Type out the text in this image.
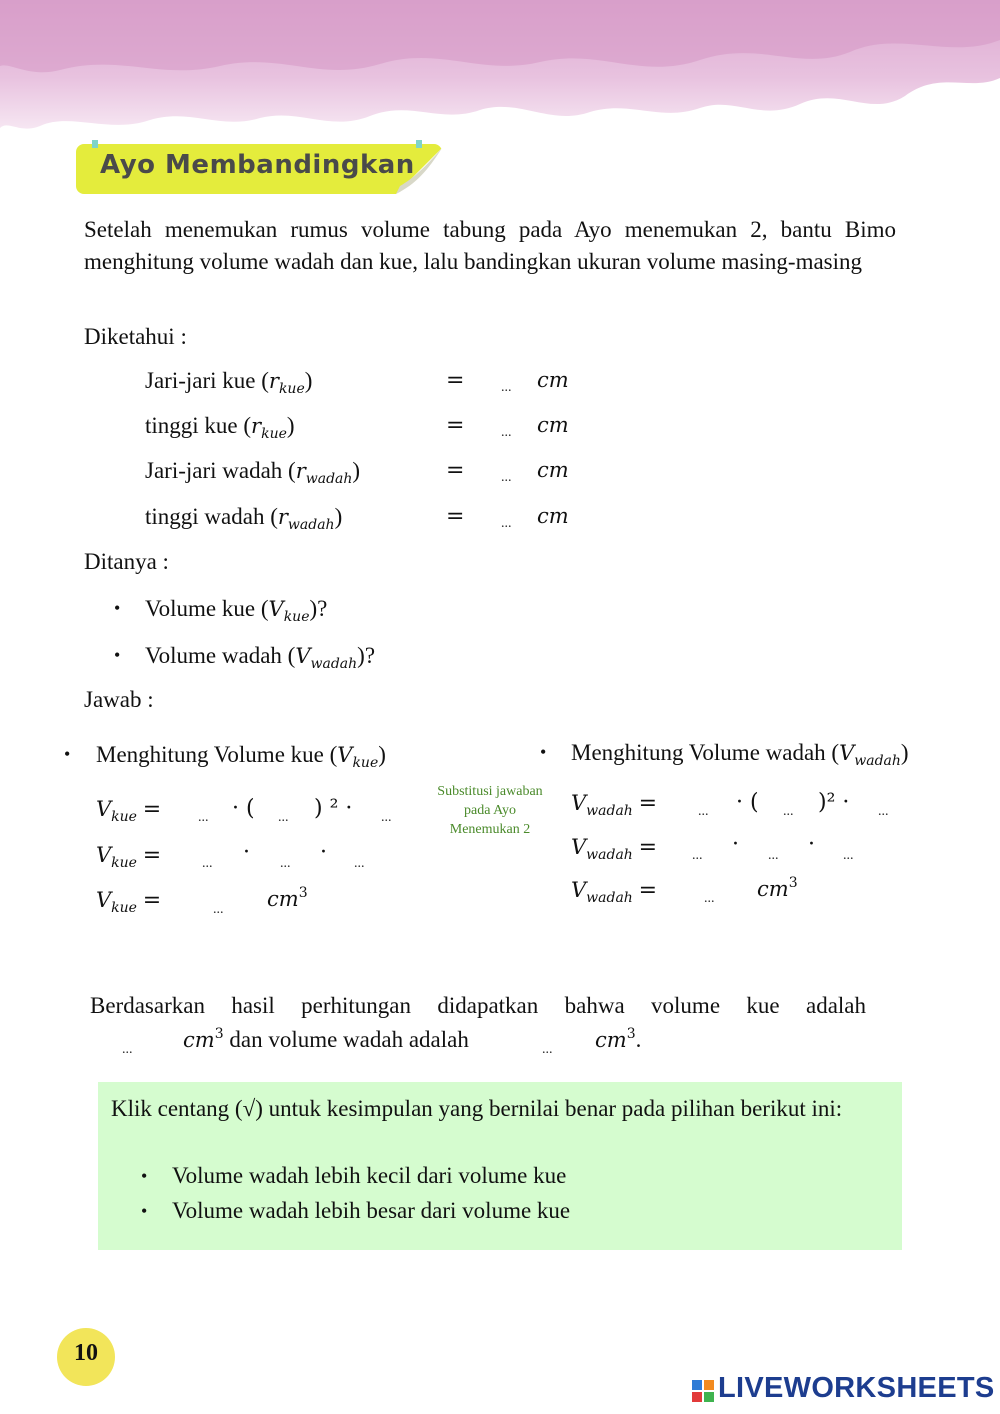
Ayo Membandingkan
Setelah menemukan rumus volume tabung pada Ayo menemukan 2, bantu Bimo menghitung volume wadah dan kue, lalu bandingkan ukuran volume masing-masing
Diketahui :
Jari-jari kue $(r_{kue})$	=	... cm
tinggi kue $(r_{kue})$	=	... cm
Jari-jari wadah $(r_{wadah})$	=	... cm
tinggi wadah $(r_{wadah})$	=	... cm
Ditanya :
• Volume kue $(V_{kue})$?
• Volume wadah $(V_{wadah})$?
Jawab :
• Menghitung Volume kue $(V_{kue})$
$V_{kue}$ =	... · ( ... ) ² · ...
$V_{kue}$ =	... · ... · ...
$V_{kue}$ =	... $cm^3$
Substitusi jawaban pada Ayo Menemukan 2
• Menghitung Volume wadah $(V_{wadah})$
$V_{wadah}$ =	... · ( ... )² · ...
$V_{wadah}$ = ... · ... · ...
$V_{wadah}$ =	... $cm^3$
Berdasarkan hasil perhitungan didapatkan bahwa volume kue adalah
... $cm^3$ dan volume wadah adalah	... $cm^3$.
Klik centang (√) untuk kesimpulan yang bernilai benar pada pilihan berikut ini:
• Volume wadah lebih kecil dari volume kue
• Volume wadah lebih besar dari volume kue
10
LIVEWORKSHEETS
